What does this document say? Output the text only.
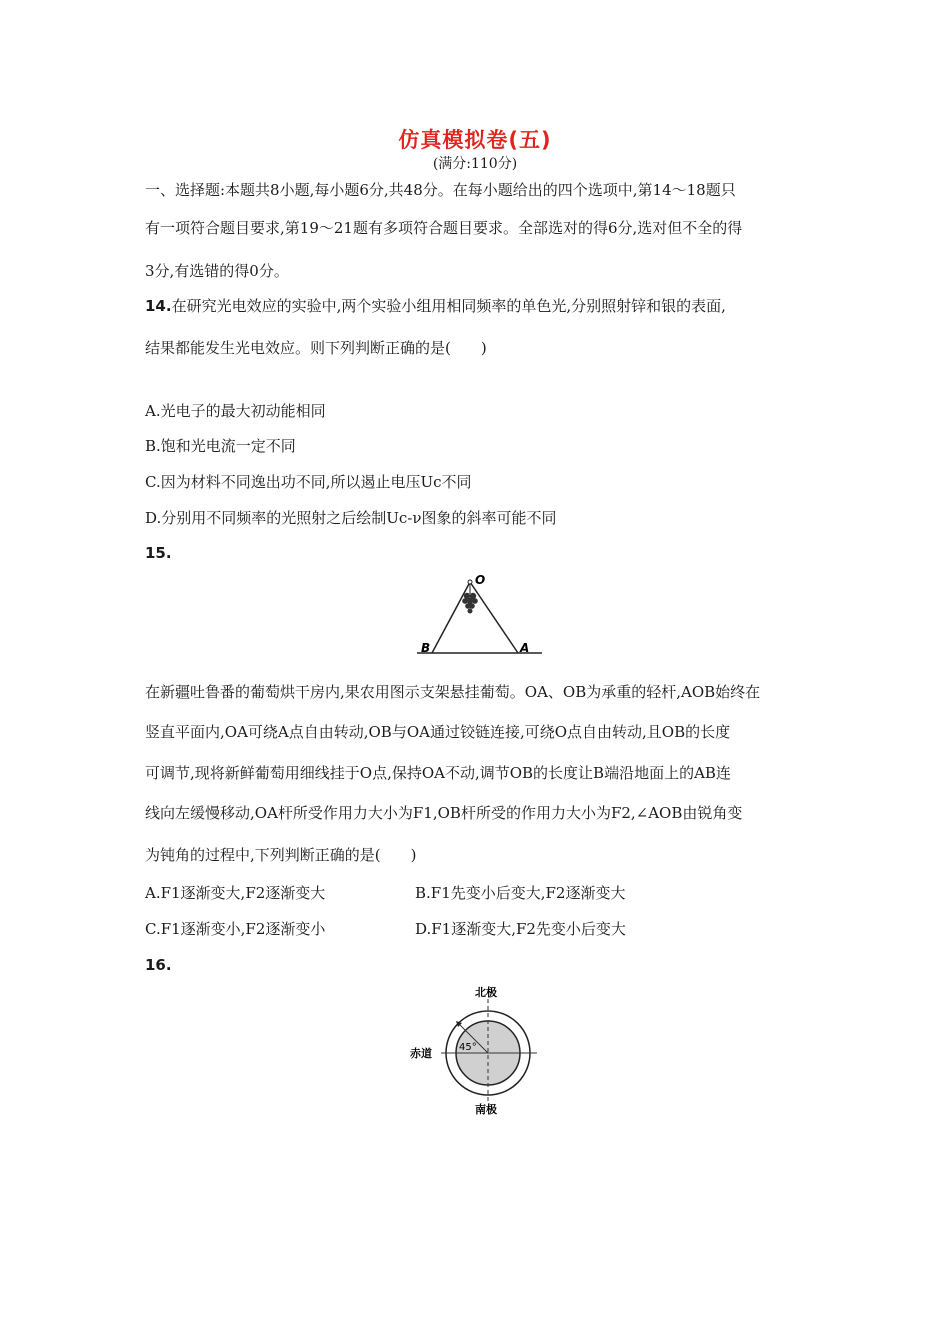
仿真模拟卷(五)
(满分:110分)
一、选择题:本题共8小题,每小题6分,共48分。在每小题给出的四个选项中,第14～18题只
有一项符合题目要求,第19～21题有多项符合题目要求。全部选对的得6分,选对但不全的得
3分,有选错的得0分。
14.在研究光电效应的实验中,两个实验小组用相同频率的单色光,分别照射锌和银的表面,
结果都能发生光电效应。则下列判断正确的是(　　)
A.光电子的最大初动能相同
B.饱和光电流一定不同
C.因为材料不同逸出功不同,所以遏止电压Uc不同
D.分别用不同频率的光照射之后绘制Uc-ν图象的斜率可能不同
15.
O
B	A
在新疆吐鲁番的葡萄烘干房内,果农用图示支架悬挂葡萄。OA、OB为承重的轻杆,AOB始终在
竖直平面内,OA可绕A点自由转动,OB与OA通过铰链连接,可绕O点自由转动,且OB的长度
可调节,现将新鲜葡萄用细线挂于O点,保持OA不动,调节OB的长度让B端沿地面上的AB连
线向左缓慢移动,OA杆所受作用力大小为F1,OB杆所受的作用力大小为F2,∠AOB由锐角变
为钝角的过程中,下列判断正确的是(　　)
A.F1逐渐变大,F2逐渐变大	B.F1先变小后变大,F2逐渐变大
C.F1逐渐变小,F2逐渐变小	D.F1逐渐变大,F2先变小后变大
16.
北极
南极
赤道	45°
